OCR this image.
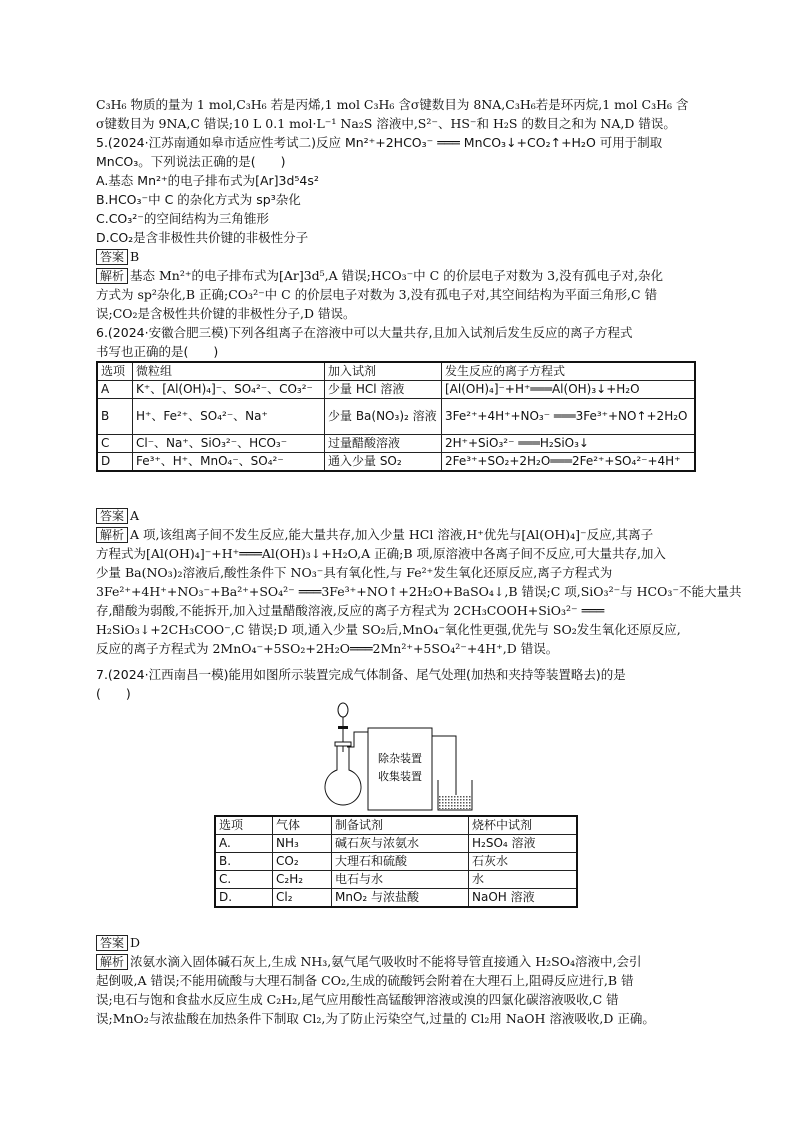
C₃H₆ 物质的量为 1 mol,C₃H₆ 若是丙烯,1 mol C₃H₆ 含σ键数目为 8NA,C₃H₆若是环丙烷,1 mol C₃H₆ 含
σ键数目为 9NA,C 错误;10 L 0.1 mol·L⁻¹ Na₂S 溶液中,S²⁻、HS⁻和 H₂S 的数目之和为 NA,D 错误。
5.(2024·江苏南通如皋市适应性考试二)反应 Mn²⁺+2HCO₃⁻ ═══ MnCO₃↓+CO₂↑+H₂O 可用于制取
MnCO₃。下列说法正确的是(　　)
A.基态 Mn²⁺的电子排布式为[Ar]3d⁵4s²
B.HCO₃⁻中 C 的杂化方式为 sp³杂化
C.CO₃²⁻的空间结构为三角锥形
D.CO₂是含非极性共价键的非极性分子
答案 B
解析 基态 Mn²⁺的电子排布式为[Ar]3d⁵,A 错误;HCO₃⁻中 C 的价层电子对数为 3,没有孤电子对,杂化
方式为 sp²杂化,B 正确;CO₃²⁻中 C 的价层电子对数为 3,没有孤电子对,其空间结构为平面三角形,C 错
误;CO₂是含极性共价键的非极性分子,D 错误。
6.(2024·安徽合肥三模)下列各组离子在溶液中可以大量共存,且加入试剂后发生反应的离子方程式
书写也正确的是(　　)
选项	微粒组	加入试剂	发生反应的离子方程式
A	K⁺、[Al(OH)₄]⁻、SO₄²⁻、CO₃²⁻	少量 HCl 溶液	[Al(OH)₄]⁻+H⁺═══Al(OH)₃↓+H₂O
B	H⁺、Fe²⁺、SO₄²⁻、Na⁺	少量 Ba(NO₃)₂ 溶液	3Fe²⁺+4H⁺+NO₃⁻ ═══3Fe³⁺+NO↑+2H₂O
C	Cl⁻、Na⁺、SiO₃²⁻、HCO₃⁻	过量醋酸溶液	2H⁺+SiO₃²⁻ ═══H₂SiO₃↓
D	Fe³⁺、H⁺、MnO₄⁻、SO₄²⁻	通入少量 SO₂	2Fe³⁺+SO₂+2H₂O═══2Fe²⁺+SO₄²⁻+4H⁺
答案 A
解析 A 项,该组离子间不发生反应,能大量共存,加入少量 HCl 溶液,H⁺优先与[Al(OH)₄]⁻反应,其离子
方程式为[Al(OH)₄]⁻+H⁺═══Al(OH)₃↓+H₂O,A 正确;B 项,原溶液中各离子间不反应,可大量共存,加入
少量 Ba(NO₃)₂溶液后,酸性条件下 NO₃⁻具有氧化性,与 Fe²⁺发生氧化还原反应,离子方程式为
3Fe²⁺+4H⁺+NO₃⁻+Ba²⁺+SO₄²⁻ ═══3Fe³⁺+NO↑+2H₂O+BaSO₄↓,B 错误;C 项,SiO₃²⁻与 HCO₃⁻不能大量共
存,醋酸为弱酸,不能拆开,加入过量醋酸溶液,反应的离子方程式为 2CH₃COOH+SiO₃²⁻ ═══
H₂SiO₃↓+2CH₃COO⁻,C 错误;D 项,通入少量 SO₂后,MnO₄⁻氧化性更强,优先与 SO₂发生氧化还原反应,
反应的离子方程式为 2MnO₄⁻+5SO₂+2H₂O═══2Mn²⁺+5SO₄²⁻+4H⁺,D 错误。
7.(2024·江西南昌一模)能用如图所示装置完成气体制备、尾气处理(加热和夹持等装置略去)的是
(　　)
除杂装置
收集装置
选项	气体	制备试剂	烧杯中试剂
A.	NH₃	碱石灰与浓氨水	H₂SO₄ 溶液
B.	CO₂	大理石和硫酸	石灰水
C.	C₂H₂	电石与水	水
D.	Cl₂	MnO₂ 与浓盐酸	NaOH 溶液
答案 D
解析 浓氨水滴入固体碱石灰上,生成 NH₃,氨气尾气吸收时不能将导管直接通入 H₂SO₄溶液中,会引
起倒吸,A 错误;不能用硫酸与大理石制备 CO₂,生成的硫酸钙会附着在大理石上,阻碍反应进行,B 错
误;电石与饱和食盐水反应生成 C₂H₂,尾气应用酸性高锰酸钾溶液或溴的四氯化碳溶液吸收,C 错
误;MnO₂与浓盐酸在加热条件下制取 Cl₂,为了防止污染空气,过量的 Cl₂用 NaOH 溶液吸收,D 正确。
